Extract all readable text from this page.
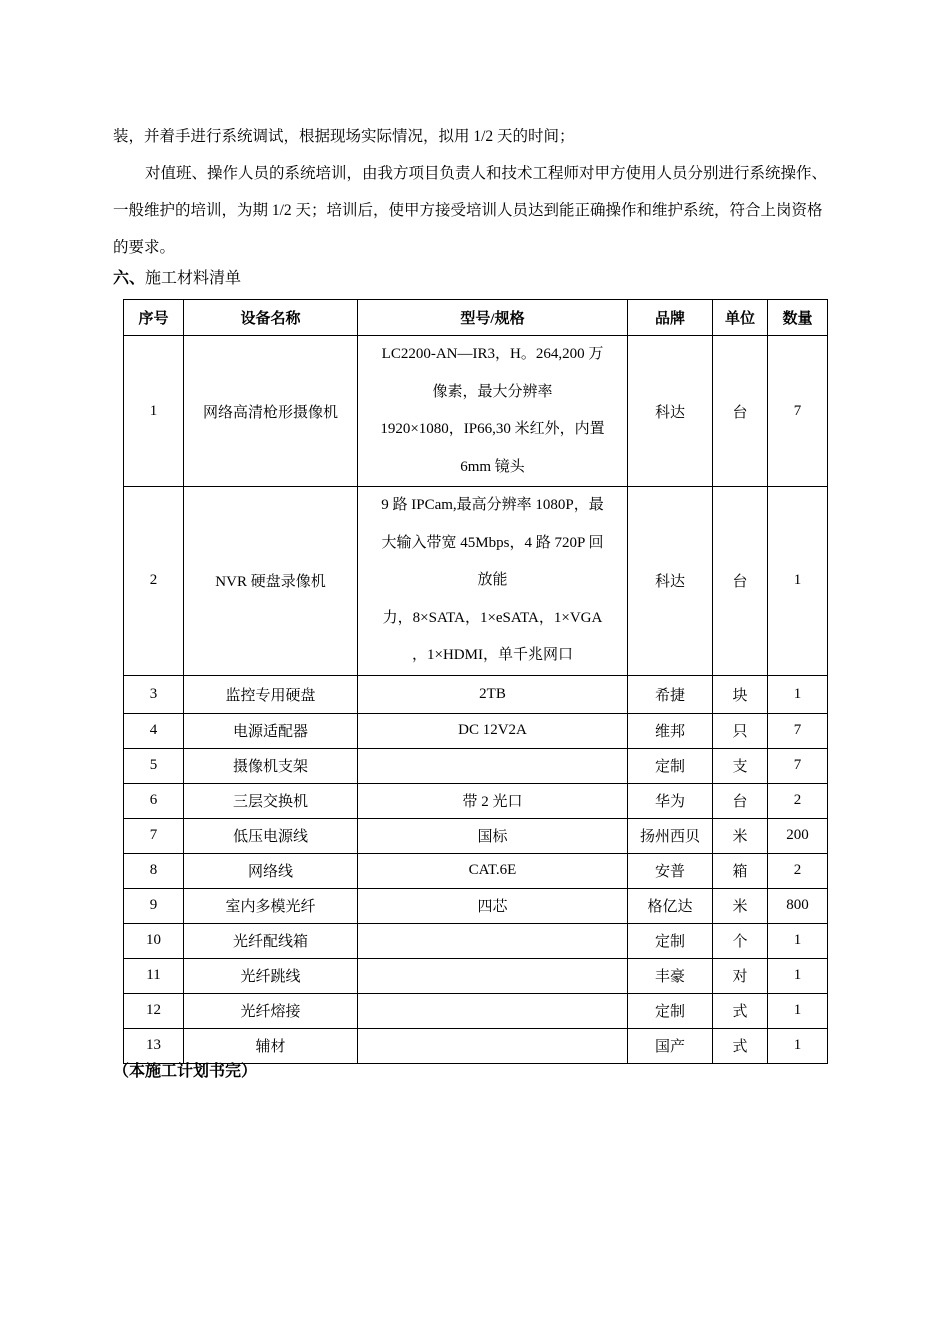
装，并着手进行系统调试，根据现场实际情况，拟用 1/2 天的时间；

对值班、操作人员的系统培训，由我方项目负责人和技术工程师对甲方使用人员分别进行系统操作、一般维护的培训，为期 1/2 天；培训后，使甲方接受培训人员达到能正确操作和维护系统，符合上岗资格的要求。

六、施工材料清单
序号	设备名称	型号/规格	品牌	单位	数量
1	网络高清枪形摄像机	LC2200-AN—IR3，H。264,200 万
像素，最大分辨率
1920×1080，IP66,30 米红外，内置
6mm 镜头	科达	台	7
2	NVR 硬盘录像机	9 路 IPCam,最高分辨率 1080P，最
大输入带宽 45Mbps，4 路 720P 回
放能
力，8×SATA，1×eSATA，1×VGA
，1×HDMI，单千兆网口	科达	台	1
3	监控专用硬盘	2TB	希捷	块	1
4	电源适配器	DC 12V2A	维邦	只	7
5	摄像机支架		定制	支	7
6	三层交换机	带 2 光口	华为	台	2
7	低压电源线	国标	扬州西贝	米	200
8	网络线	CAT.6E	安普	箱	2
9	室内多模光纤	四芯	格亿达	米	800
10	光纤配线箱		定制	个	1
11	光纤跳线		丰豪	对	1
12	光纤熔接		定制	式	1
13	辅材		国产	式	1

（本施工计划书完）
